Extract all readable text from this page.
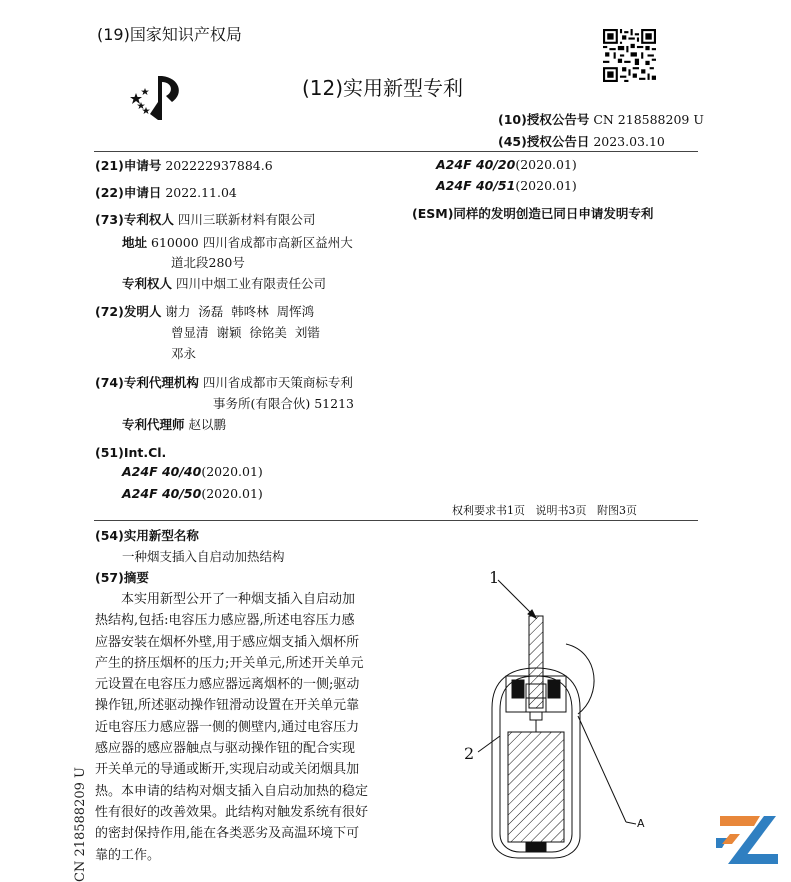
(19)国家知识产权局
(12)实用新型专利
(10)授权公告号 CN 218588209 U
(45)授权公告日 2023.03.10
(21)申请号 202222937884.6
(22)申请日 2022.11.04
(73)专利权人 四川三联新材料有限公司
地址 610000 四川省成都市高新区益州大
道北段280号
专利权人 四川中烟工业有限责任公司
(72)发明人 谢力  汤磊  韩咚林  周恽鸿
曾显清  谢颖  徐铭美  刘锴
邓永
(74)专利代理机构 四川省成都市天策商标专利
事务所(有限合伙) 51213
专利代理师 赵以鹏
(51)Int.Cl.
A24F 40/40(2020.01)
A24F 40/50(2020.01)
A24F 40/20(2020.01)
A24F 40/51(2020.01)
(ESM)同样的发明创造已同日申请发明专利
权利要求书1页   说明书3页   附图3页
(54)实用新型名称
一种烟支插入自启动加热结构
(57)摘要
本实用新型公开了一种烟支插入自启动加
热结构,包括:电容压力感应器,所述电容压力感
应器安装在烟杯外壁,用于感应烟支插入烟杯所
产生的挤压烟杯的压力;开关单元,所述开关单元
元设置在电容压力感应器远离烟杯的一侧;驱动
操作钮,所述驱动操作钮滑动设置在开关单元靠
近电容压力感应器一侧的侧壁内,通过电容压力
感应器的感应器触点与驱动操作钮的配合实现
开关单元的导通或断开,实现启动或关闭烟具加
热。本申请的结构对烟支插入自启动加热的稳定
性有很好的改善效果。此结构对触发系统有很好
的密封保持作用,能在各类恶劣及高温环境下可
靠的工作。
CN 218588209 U
1
2
A
